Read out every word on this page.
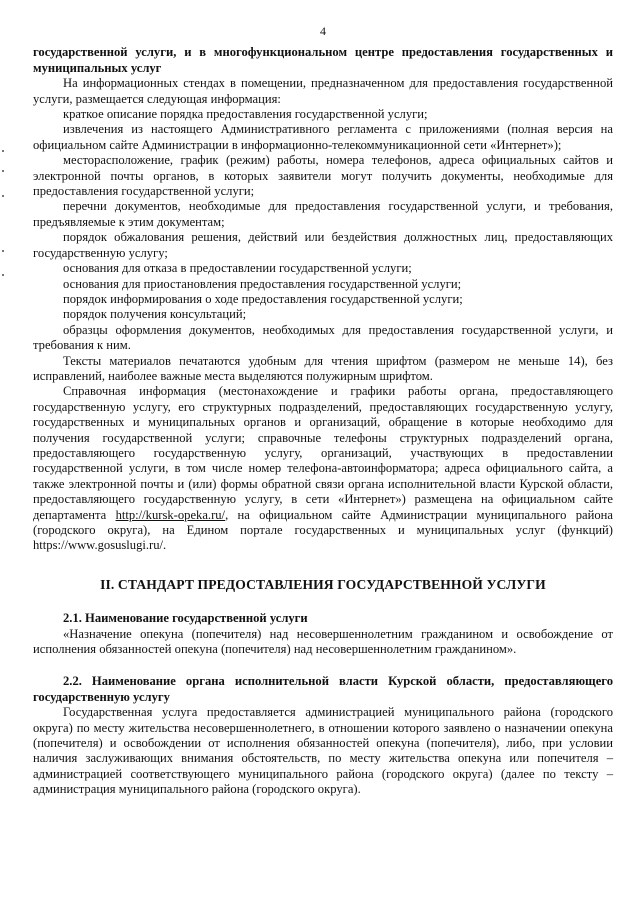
4

государственной услуги, и в многофункциональном центре предоставления государственных и муниципальных услуг

На информационных стендах в помещении, предназначенном для предоставления государственной услуги, размещается следующая информация:

краткое описание порядка предоставления государственной услуги;

извлечения из настоящего Административного регламента с приложениями (полная версия на официальном сайте Администрации в информационно-телекоммуникационной сети «Интернет»);

месторасположение, график (режим) работы, номера телефонов, адреса официальных сайтов и электронной почты органов, в которых заявители могут получить документы, необходимые для предоставления государственной услуги;

перечни документов, необходимые для предоставления государственной услуги, и требования, предъявляемые к этим документам;

порядок обжалования решения, действий или бездействия должностных лиц, предоставляющих государственную услугу;

основания для отказа в предоставлении государственной услуги;

основания для приостановления предоставления государственной услуги;

порядок информирования о ходе предоставления государственной услуги;

порядок получения консультаций;

образцы оформления документов, необходимых для предоставления государственной услуги, и требования к ним.

Тексты материалов печатаются удобным для чтения шрифтом (размером не меньше 14), без исправлений, наиболее важные места выделяются полужирным шрифтом.

Справочная информация (местонахождение и графики работы органа, предоставляющего государственную услугу, его структурных подразделений, предоставляющих государственную услугу, государственных и муниципальных органов и организаций, обращение в которые необходимо для получения государственной услуги; справочные телефоны структурных подразделений органа, предоставляющего государственную услугу, организаций, участвующих в предоставлении государственной услуги, в том числе номер телефона-автоинформатора; адреса официального сайта, а также электронной почты и (или) формы обратной связи органа исполнительной власти Курской области, предоставляющего государственную услугу, в сети «Интернет») размещена на официальном сайте департамента http://kursk-opeka.ru/, на официальном сайте Администрации муниципального района (городского округа), на Едином портале государственных и муниципальных услуг (функций) https://www.gosuslugi.ru/.

II. СТАНДАРТ ПРЕДОСТАВЛЕНИЯ ГОСУДАРСТВЕННОЙ УСЛУГИ

2.1. Наименование государственной услуги

«Назначение опекуна (попечителя) над несовершеннолетним гражданином и освобождение от исполнения обязанностей опекуна (попечителя) над несовершеннолетним гражданином».

2.2. Наименование органа исполнительной власти Курской области, предоставляющего государственную услугу

Государственная услуга предоставляется администрацией муниципального района (городского округа) по месту жительства несовершеннолетнего, в отношении которого заявлено о назначении опекуна (попечителя) и освобождении от исполнения обязанностей опекуна (попечителя), либо, при условии наличия заслуживающих внимания обстоятельств, по месту жительства опекуна или попечителя – администрацией соответствующего муниципального района (городского округа) (далее по тексту – администрация муниципального района (городского округа).
